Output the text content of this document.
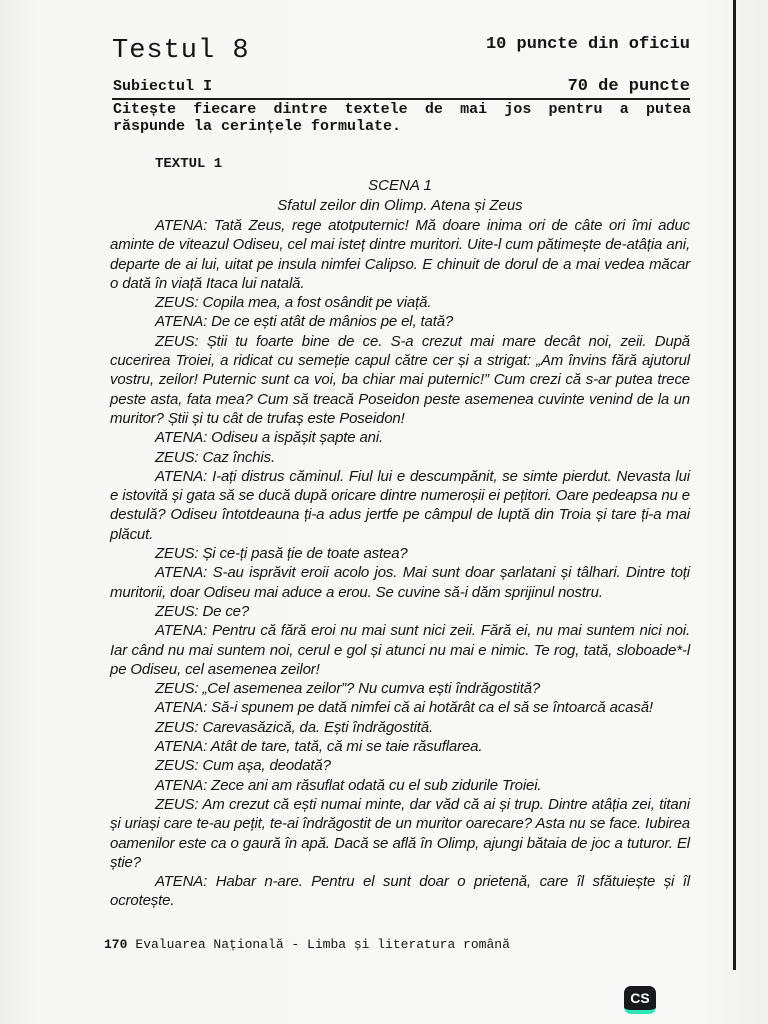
Testul 8	10 puncte din oficiu
Subiectul I	70 de puncte
Citește fiecare dintre textele de mai jos pentru a putea răspunde la cerințele formulate.
TEXTUL 1
SCENA 1
Sfatul zeilor din Olimp. Atena și Zeus

ATENA: Tată Zeus, rege atotputernic! Mă doare inima ori de câte ori îmi aduc aminte de viteazul Odiseu, cel mai isteț dintre muritori. Uite-l cum pătimește de-atâția ani, departe de ai lui, uitat pe insula nimfei Calipso. E chinuit de dorul de a mai vedea măcar o dată în viață Itaca lui natală.

ZEUS: Copila mea, a fost osândit pe viață.

ATENA: De ce ești atât de mânios pe el, tată?

ZEUS: Știi tu foarte bine de ce. S-a crezut mai mare decât noi, zeii. După cucerirea Troiei, a ridicat cu semeție capul către cer și a strigat: „Am învins fără ajutorul vostru, zeilor! Puternic sunt ca voi, ba chiar mai puternic!” Cum crezi că s-ar putea trece peste asta, fata mea? Cum să treacă Poseidon peste asemenea cuvinte venind de la un muritor? Știi și tu cât de trufaș este Poseidon!

ATENA: Odiseu a ispășit șapte ani.

ZEUS: Caz închis.

ATENA: I-ați distrus căminul. Fiul lui e descumpănit, se simte pierdut. Nevasta lui e istovită și gata să se ducă după oricare dintre numeroșii ei pețitori. Oare pedeapsa nu e destulă? Odiseu întotdeauna ți-a adus jertfe pe câmpul de luptă din Troia și tare ți-a mai plăcut.

ZEUS: Și ce-ți pasă ție de toate astea?

ATENA: S-au isprăvit eroii acolo jos. Mai sunt doar șarlatani și tâlhari. Dintre toți muritorii, doar Odiseu mai aduce a erou. Se cuvine să-i dăm sprijinul nostru.

ZEUS: De ce?

ATENA: Pentru că fără eroi nu mai sunt nici zeii. Fără ei, nu mai suntem nici noi. Iar când nu mai suntem noi, cerul e gol și atunci nu mai e nimic. Te rog, tată, sloboade*-l pe Odiseu, cel asemenea zeilor!

ZEUS: „Cel asemenea zeilor”? Nu cumva ești îndrăgostită?

ATENA: Să-i spunem pe dată nimfei că ai hotărât ca el să se întoarcă acasă!

ZEUS: Carevasăzică, da. Ești îndrăgostită.

ATENA: Atât de tare, tată, că mi se taie răsuflarea.

ZEUS: Cum așa, deodată?

ATENA: Zece ani am răsuflat odată cu el sub zidurile Troiei.

ZEUS: Am crezut că ești numai minte, dar văd că ai și trup. Dintre atâția zei, titani și uriași care te-au pețit, te-ai îndrăgostit de un muritor oarecare? Asta nu se face. Iubirea oamenilor este ca o gaură în apă. Dacă se află în Olimp, ajungi bătaia de joc a tuturor. El știe?

ATENA: Habar n-are. Pentru el sunt doar o prietenă, care îl sfătuiește și îl ocrotește.

170 Evaluarea Națională - Limba și literatura română
CS
